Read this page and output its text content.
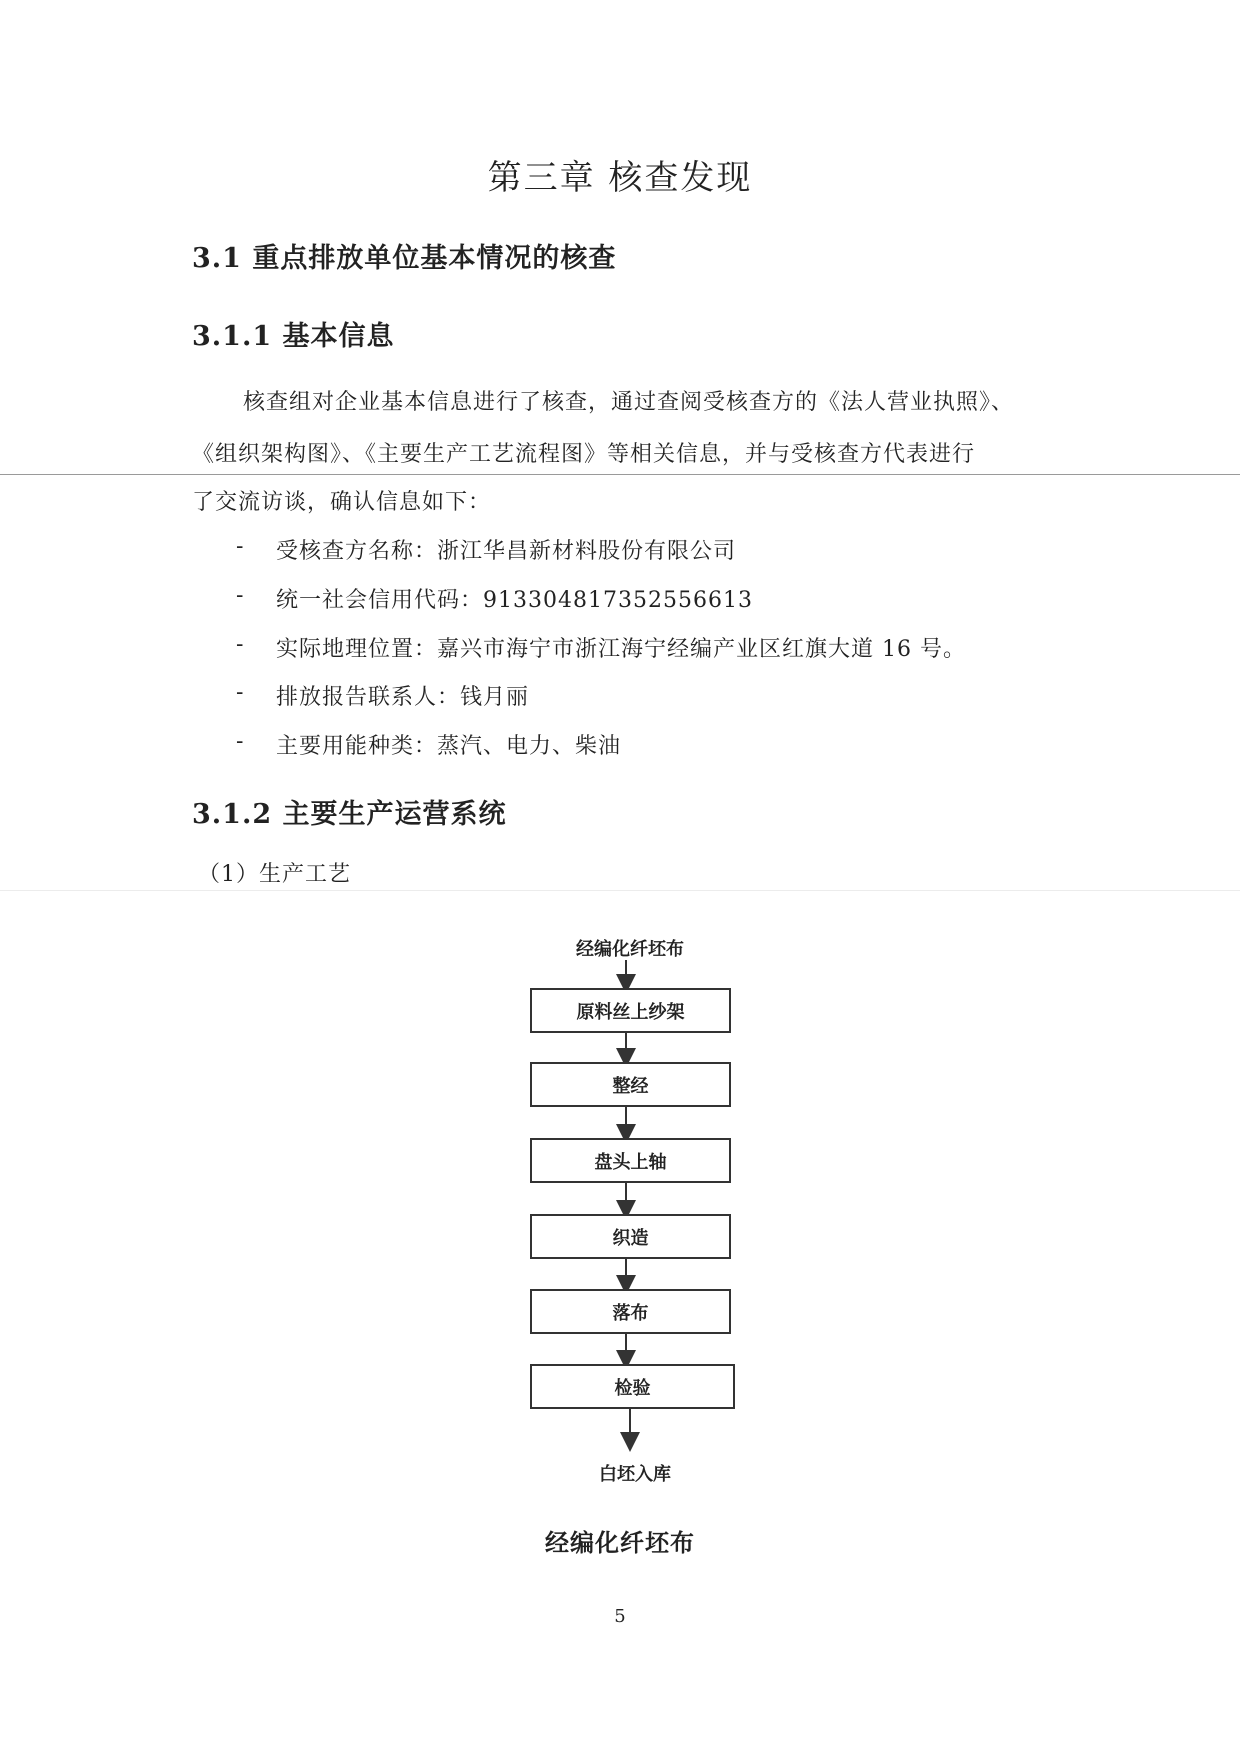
第三章 核查发现
3.1 重点排放单位基本情况的核查
3.1.1 基本信息
核查组对企业基本信息进行了核查，通过查阅受核查方的《法人营业执照》、
《组织架构图》、《主要生产工艺流程图》等相关信息，并与受核查方代表进行
了交流访谈，确认信息如下：
- 受核查方名称：浙江华昌新材料股份有限公司
- 统一社会信用代码：913304817352556613
- 实际地理位置：嘉兴市海宁市浙江海宁经编产业区红旗大道 16 号。
- 排放报告联系人：钱月丽
- 主要用能种类：蒸汽、电力、柴油
3.1.2 主要生产运营系统
（1）生产工艺
经编化纤坯布
原料丝上纱架
整经
盘头上轴
织造
落布
检验
白坯入库
经编化纤坯布
5
